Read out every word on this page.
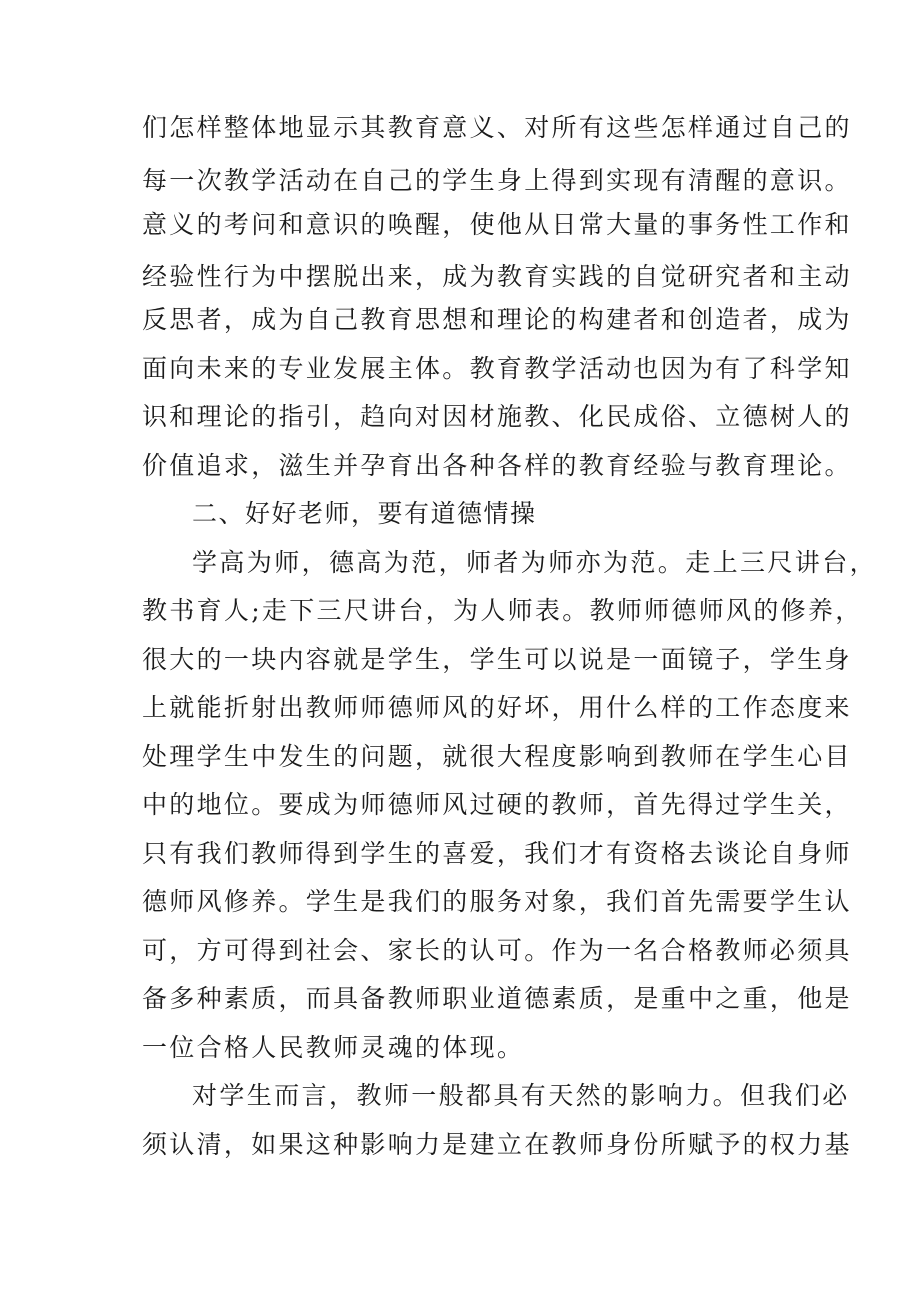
们怎样整体地显示其教育意义、对所有这些怎样通过自己的
每一次教学活动在自己的学生身上得到实现有清醒的意识。
意义的考问和意识的唤醒，使他从日常大量的事务性工作和
经验性行为中摆脱出来，成为教育实践的自觉研究者和主动
反思者，成为自己教育思想和理论的构建者和创造者，成为
面向未来的专业发展主体。教育教学活动也因为有了科学知
识和理论的指引，趋向对因材施教、化民成俗、立德树人的
价值追求，滋生并孕育出各种各样的教育经验与教育理论。
二、好好老师，要有道德情操
学高为师，德高为范，师者为师亦为范。走上三尺讲台，
教书育人;走下三尺讲台，为人师表。教师师德师风的修养，
很大的一块内容就是学生，学生可以说是一面镜子，学生身
上就能折射出教师师德师风的好坏，用什么样的工作态度来
处理学生中发生的问题，就很大程度影响到教师在学生心目
中的地位。要成为师德师风过硬的教师，首先得过学生关，
只有我们教师得到学生的喜爱，我们才有资格去谈论自身师
德师风修养。学生是我们的服务对象，我们首先需要学生认
可，方可得到社会、家长的认可。作为一名合格教师必须具
备多种素质，而具备教师职业道德素质，是重中之重，他是
一位合格人民教师灵魂的体现。
对学生而言，教师一般都具有天然的影响力。但我们必
须认清，如果这种影响力是建立在教师身份所赋予的权力基
